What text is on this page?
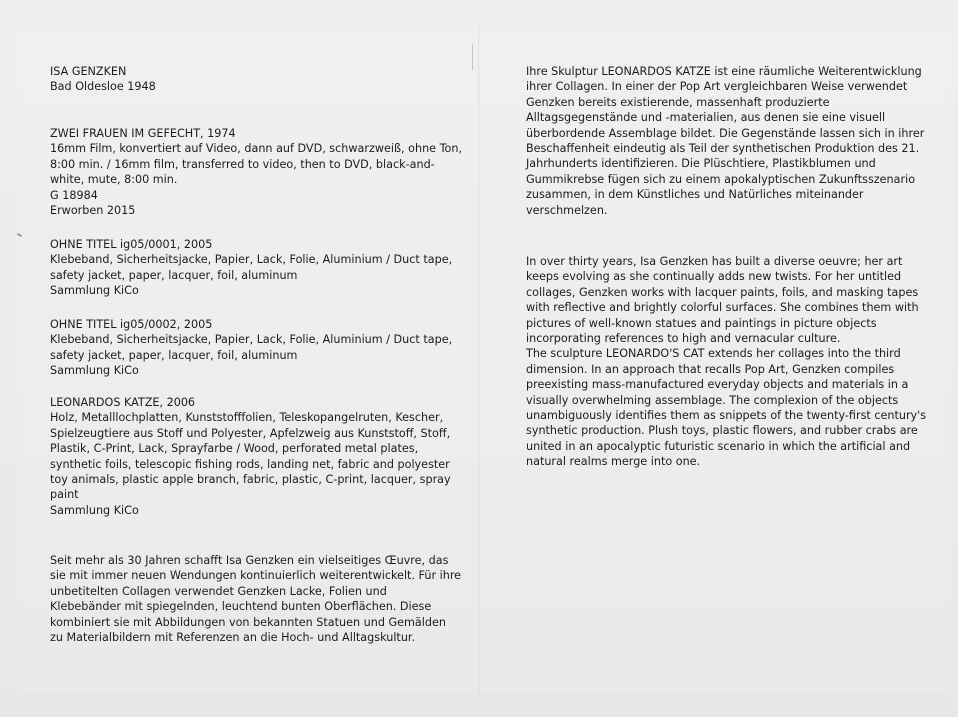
ISA GENZKEN
Bad Oldesloe 1948
ZWEI FRAUEN IM GEFECHT, 1974
16mm Film, konvertiert auf Video, dann auf DVD, schwarzweiß, ohne Ton,
8:00 min. / 16mm film, transferred to video, then to DVD, black-and-
white, mute, 8:00 min.
G 18984
Erworben 2015
OHNE TITEL ig05/0001, 2005
Klebeband, Sicherheitsjacke, Papier, Lack, Folie, Aluminium / Duct tape,
safety jacket, paper, lacquer, foil, aluminum
Sammlung KiCo
OHNE TITEL ig05/0002, 2005
Klebeband, Sicherheitsjacke, Papier, Lack, Folie, Aluminium / Duct tape,
safety jacket, paper, lacquer, foil, aluminum
Sammlung KiCo
LEONARDOS KATZE, 2006
Holz, Metalllochplatten, Kunststofffolien, Teleskopangelruten, Kescher,
Spielzeugtiere aus Stoff und Polyester, Apfelzweig aus Kunststoff, Stoff,
Plastik, C-Print, Lack, Sprayfarbe / Wood, perforated metal plates,
synthetic foils, telescopic fishing rods, landing net, fabric and polyester
toy animals, plastic apple branch, fabric, plastic, C-print, lacquer, spray
paint
Sammlung KiCo
Seit mehr als 30 Jahren schafft Isa Genzken ein vielseitiges Œuvre, das
sie mit immer neuen Wendungen kontinuierlich weiterentwickelt. Für ihre
unbetitelten Collagen verwendet Genzken Lacke, Folien und
Klebebänder mit spiegelnden, leuchtend bunten Oberflächen. Diese
kombiniert sie mit Abbildungen von bekannten Statuen und Gemälden
zu Materialbildern mit Referenzen an die Hoch- und Alltagskultur.
Ihre Skulptur LEONARDOS KATZE ist eine räumliche Weiterentwicklung
ihrer Collagen. In einer der Pop Art vergleichbaren Weise verwendet
Genzken bereits existierende, massenhaft produzierte
Alltagsgegenstände und -materialien, aus denen sie eine visuell
überbordende Assemblage bildet. Die Gegenstände lassen sich in ihrer
Beschaffenheit eindeutig als Teil der synthetischen Produktion des 21.
Jahrhunderts identifizieren. Die Plüschtiere, Plastikblumen und
Gummikrebse fügen sich zu einem apokalyptischen Zukunftsszenario
zusammen, in dem Künstliches und Natürliches miteinander
verschmelzen.
In over thirty years, Isa Genzken has built a diverse oeuvre; her art
keeps evolving as she continually adds new twists. For her untitled
collages, Genzken works with lacquer paints, foils, and masking tapes
with reflective and brightly colorful surfaces. She combines them with
pictures of well-known statues and paintings in picture objects
incorporating references to high and vernacular culture.
The sculpture LEONARDO'S CAT extends her collages into the third
dimension. In an approach that recalls Pop Art, Genzken compiles
preexisting mass-manufactured everyday objects and materials in a
visually overwhelming assemblage. The complexion of the objects
unambiguously identifies them as snippets of the twenty-first century's
synthetic production. Plush toys, plastic flowers, and rubber crabs are
united in an apocalyptic futuristic scenario in which the artificial and
natural realms merge into one.
